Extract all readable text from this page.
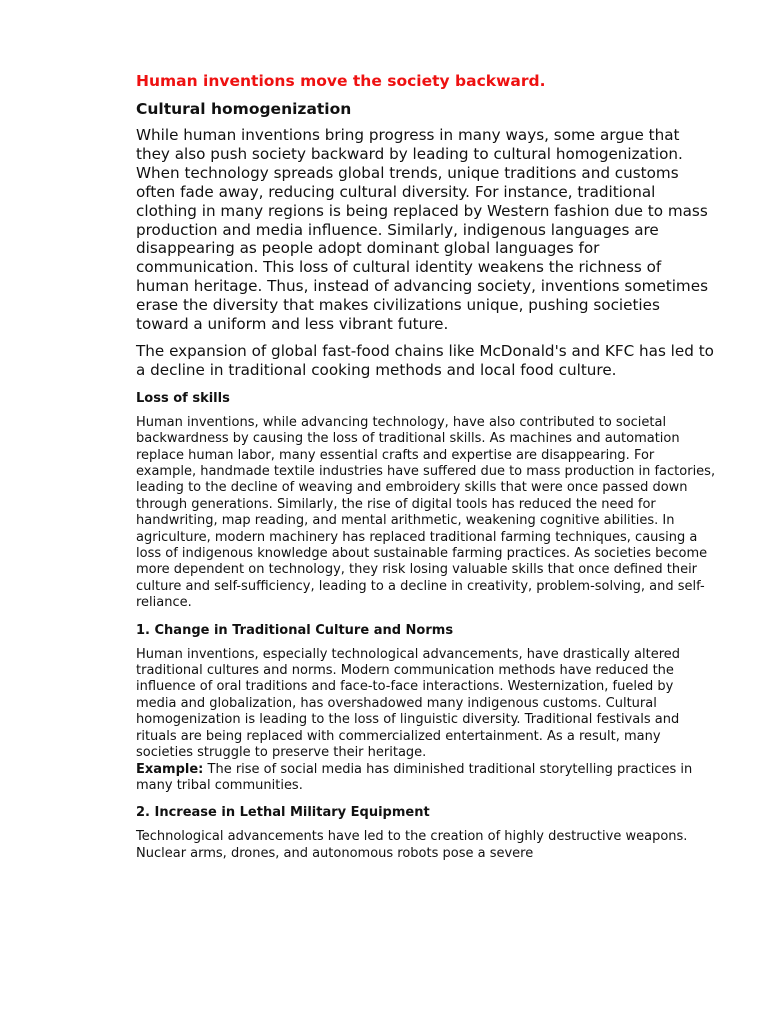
Human inventions move the society backward.
Cultural homogenization

While human inventions bring progress in many ways, some argue that they also push society backward by leading to cultural homogenization. When technology spreads global trends, unique traditions and customs often fade away, reducing cultural diversity. For instance, traditional clothing in many regions is being replaced by Western fashion due to mass production and media influence. Similarly, indigenous languages are disappearing as people adopt dominant global languages for communication. This loss of cultural identity weakens the richness of human heritage. Thus, instead of advancing society, inventions sometimes erase the diversity that makes civilizations unique, pushing societies toward a uniform and less vibrant future.

The expansion of global fast-food chains like McDonald's and KFC has led to a decline in traditional cooking methods and local food culture.

Loss of skills

Human inventions, while advancing technology, have also contributed to societal backwardness by causing the loss of traditional skills. As machines and automation replace human labor, many essential crafts and expertise are disappearing. For example, handmade textile industries have suffered due to mass production in factories, leading to the decline of weaving and embroidery skills that were once passed down through generations. Similarly, the rise of digital tools has reduced the need for handwriting, map reading, and mental arithmetic, weakening cognitive abilities. In agriculture, modern machinery has replaced traditional farming techniques, causing a loss of indigenous knowledge about sustainable farming practices. As societies become more dependent on technology, they risk losing valuable skills that once defined their culture and self-sufficiency, leading to a decline in creativity, problem-solving, and self-reliance.

1. Change in Traditional Culture and Norms

Human inventions, especially technological advancements, have drastically altered traditional cultures and norms. Modern communication methods have reduced the influence of oral traditions and face-to-face interactions. Westernization, fueled by media and globalization, has overshadowed many indigenous customs. Cultural homogenization is leading to the loss of linguistic diversity. Traditional festivals and rituals are being replaced with commercialized entertainment. As a result, many societies struggle to preserve their heritage.

Example: The rise of social media has diminished traditional storytelling practices in many tribal communities.

2. Increase in Lethal Military Equipment

Technological advancements have led to the creation of highly destructive weapons. Nuclear arms, drones, and autonomous robots pose a severe
